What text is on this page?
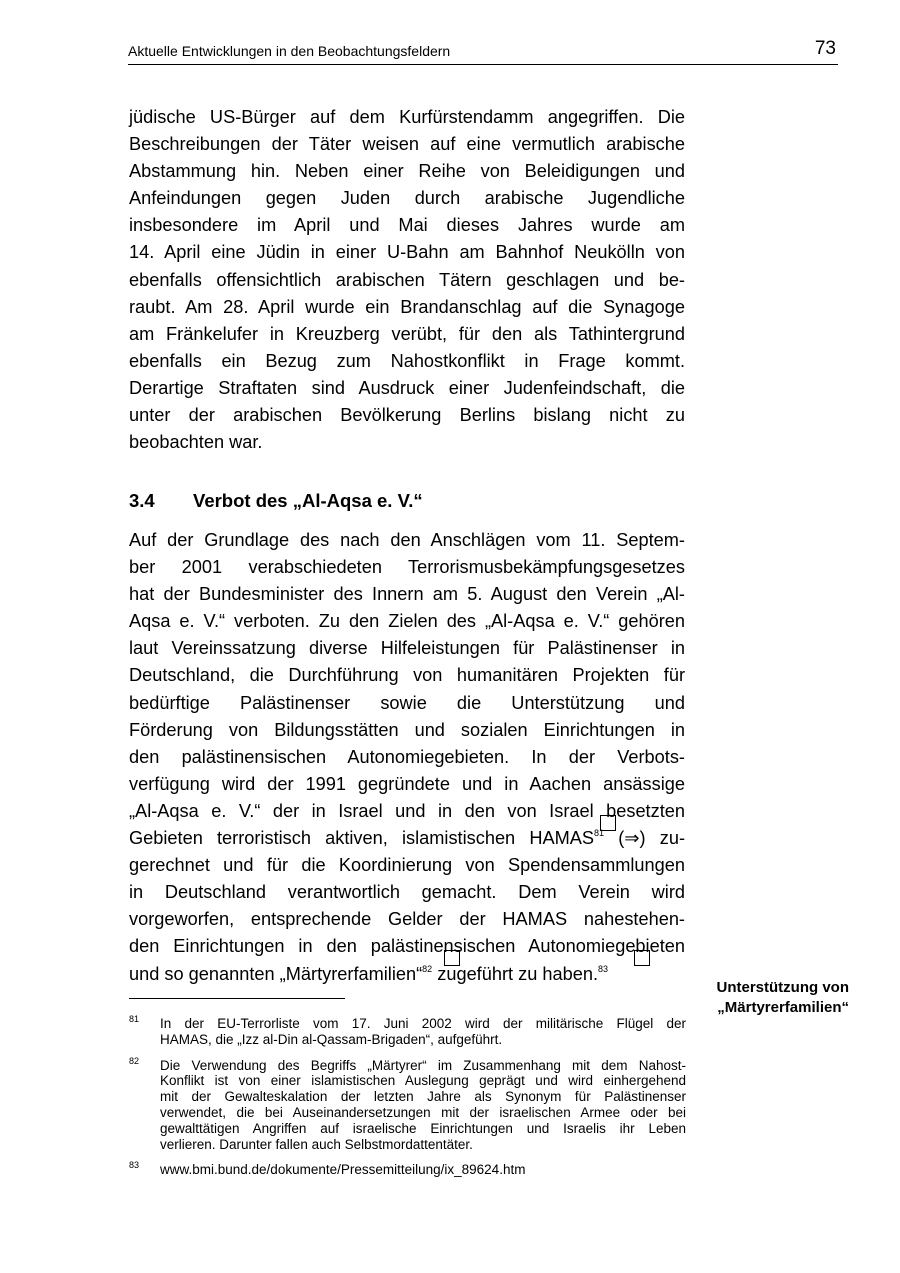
Aktuelle Entwicklungen in den Beobachtungsfeldern	73
jüdische US-Bürger auf dem Kurfürstendamm angegriffen. Die
Beschreibungen der Täter weisen auf eine vermutlich arabische
Abstammung hin. Neben einer Reihe von Beleidigungen und
Anfeindungen gegen Juden durch arabische Jugendliche
insbesondere im April und Mai dieses Jahres wurde am
14. April eine Jüdin in einer U-Bahn am Bahnhof Neukölln von
ebenfalls offensichtlich arabischen Tätern geschlagen und be-
raubt. Am 28. April wurde ein Brandanschlag auf die Synagoge
am Fränkelufer in Kreuzberg verübt, für den als Tathintergrund
ebenfalls ein Bezug zum Nahostkonflikt in Frage kommt.
Derartige Straftaten sind Ausdruck einer Judenfeindschaft, die
unter der arabischen Bevölkerung Berlins bislang nicht zu
beobachten war.
3.4 Verbot des „Al-Aqsa e. V.“
Auf der Grundlage des nach den Anschlägen vom 11. Septem-
ber 2001 verabschiedeten Terrorismusbekämpfungsgesetzes
hat der Bundesminister des Innern am 5. August den Verein „Al-
Aqsa e. V.“ verboten. Zu den Zielen des „Al-Aqsa e. V.“ gehören
laut Vereinssatzung diverse Hilfeleistungen für Palästinenser in
Deutschland, die Durchführung von humanitären Projekten für
bedürftige Palästinenser sowie die Unterstützung und
Förderung von Bildungsstätten und sozialen Einrichtungen in
den palästinensischen Autonomiegebieten. In der Verbots-
verfügung wird der 1991 gegründete und in Aachen ansässige
„Al-Aqsa e. V.“ der in Israel und in den von Israel besetzten
Gebieten terroristisch aktiven, islamistischen HAMAS$^{81}$ (⇒) zu-
gerechnet und für die Koordinierung von Spendensammlungen
in Deutschland verantwortlich gemacht. Dem Verein wird
vorgeworfen, entsprechende Gelder der HAMAS nahestehen-
den Einrichtungen in den palästinensischen Autonomiegebieten
und so genannten „Märtyrerfamilien“$^{82}$ zugeführt zu haben.$^{83}$
Unterstützung von
„Märtyrerfamilien“
81	In der EU-Terrorliste vom 17. Juni 2002 wird der militärische Flügel der
HAMAS, die „Izz al-Din al-Qassam-Brigaden“, aufgeführt.
82	Die Verwendung des Begriffs „Märtyrer“ im Zusammenhang mit dem Nahost-
Konflikt ist von einer islamistischen Auslegung geprägt und wird einhergehend
mit der Gewalteskalation der letzten Jahre als Synonym für Palästinenser
verwendet, die bei Auseinandersetzungen mit der israelischen Armee oder bei
gewalttätigen Angriffen auf israelische Einrichtungen und Israelis ihr Leben
verlieren. Darunter fallen auch Selbstmordattentäter.
83	www.bmi.bund.de/dokumente/Pressemitteilung/ix_89624.htm
